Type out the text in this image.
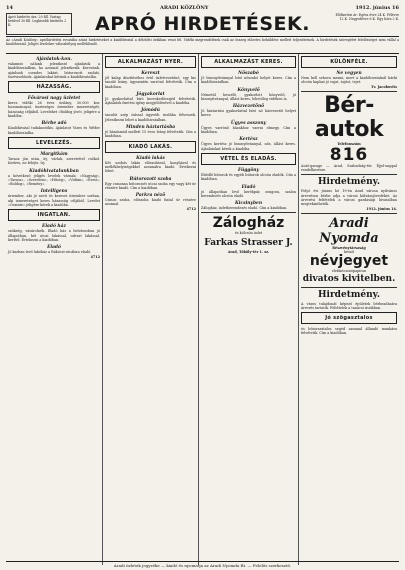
14	ARADI KÖZLÖNY	1912. június 16
Apró hirdetés ára: 20 fill. Vastag betűvel 30 fill. Legkisebb hirdetés 2 K.	APRÓ HIRDETÉSEK.	Előfizetési ár: Egész évre 24 K. Félévre 12 K. Negyedévre 6 K. Egy hóra 2 K.
Az »Aradi Közlöny« apróhirdetési rovatába szánt hirdetéseket a kiadóhivatal a délelőtti órákban veszi fel. Vidéki megrendelések csak az összeg előzetes beküldése mellett teljesíttetnek. A hirdetések szövegéért felelősséget nem vállal a kiadóhivatal. Jeligés levelekre válaszbélyeg melléklendő.
Ajánlatok-kon.
valamint nálunk jelentkező ajánlatok a kiadóhivatalban, ha azonnal jelentkezik. Keresünk, ajánlunk csendes lakást, bútorozott szobát, tisztviselőnek. Ajánlatokat kérünk a kiadóhivatalba.
HÁZASSÁG.
Fővárosi nagy üzletet
keres vidéki 26 éves úrilány, 30.000 kor. hozománnyal, tiszteséges úriember ismeretségét, házasság céljából. Leveleket »Boldog jövő« jeligére a kiadóba.
Bérbe adó
Kiadóhivatal tudakozódás. Ajánlatot Vizes és Wéder kiadóhivatalba.
LEVELEZÉS.
Margitkám
Tavasz jön után, írj, várlak, szeretettel csókol. Kedves, ne felejts. Írj.
Kiadóhivatalunkban
a következő jeligés levelek várnak: »Nagyság«, »Tavasz«, »Szerelem«, »Hűség«, »Vidám«, »Erzsi«, »Boldog«, »Remény«.
Intelligens
úriember, aki jó nevű és kereset úriember sorban, aki ismeretséget keres házasság céljából. Levelet »Őszinte« jeligére kérek a kiadóba.
INGATLAN.
Eladó ház
szükség, vásárolnék. Eladó ház a belvárosban jó állapotban, két utcai lakással, udvari lakással, kerttel. Értekezni a kiadóban.
Eladó
Jó karban levő lakóház a Rákóczi-utcában eladó.
4712
ALKALMAZÁST NYER.
Kereszt
jól kalap díszítéséhez értő üzletvezetőnő, egy kis tanuló leány, úgyszintén varrónő felvétetik. Cím a kiadóban.
Jógyakorlat
Jó gyakorlattal bíró kereskedősegéd felvétetik. Ajánlatok fizetési igény megjelölésével a kiadóba.
Jómódú
tanulót szép írással ügyvédi irodába felveszek. Jelentkezni lehet a kiadóhivatalban.
Minden háztartásba
jó bánásmód mellett 15 éves leány felvétetik. Cím a kiadóban.
KIADÓ LAKÁS.
Kiadó lakás
Két szobás lakás előszobával, konyhával és mellékhelyiségekkel azonnalra kiadó. Értekezni lehet.
Bútorozott szoba
Egy csinosan bútorozott utcai szoba egy vagy két úr részére kiadó. Cím a kiadóban.
Parkra néző
Csinos szoba, előszoba kiadó fiatal úr részére azonnal.
4712
ALKALMAZÁST KERES.
Nőszabó
Jó bizonyítvánnyal bíró nőszabó helyet keres. Cím a kiadóhivatalban.
Könyvelő
Németül beszélő, gyakorlott könyvelő, jó bizonyítvánnyal, állást keres, lehetőleg vidéken is.
Házvezetőnő
Jó háztartási gyakorlattal bíró nő házvezetői helyet keres.
Ügyes asszony
Ügyes varrónő házakhoz varrni elmegy. Cím a kiadóban.
Kertész
Ügyes kertész jó bizonyítvánnyal, nős, állást keres. Ajánlatokat kérek a kiadóba.
VÉTEL ÉS ELADÁS.
Függöny
Ebédlő bútorok és egyéb bútorok olcsón eladók. Cím a kiadóban.
Eladó
jó állapotban levő kerékpár, zongora, szalon berendezés olcsón eladó.
Kicsinyben
Zálogház, üzletberendezés eladó. Cím a kiadóban.
Zálogház
és kölcsön üzlet
Farkas Strasser J.
Arad, Tököly-tér 1. sz.
KÜLÖNFÉLE.
Ne vegyen
Nem kell sehova menni, mert a kiadóhivatalnál bárki olcsón kaphat jó vajat, tojást, tejet.
Tv. Jacobovits
Bér-autok
Telefonszám
816
Autó-garage — Arad, Szabadság-tér. Éjjel-nappal rendelkezésre.
Hirdetmény.
Folyó évi június hó 19-én Arad városa nyilvános árverésen bérbe adja a városi hídvámjövedéket. Az árverési feltételek a városi gazdasági hivatalban megtekinthetők.
1912. június 14.
Aradi Nyomda
Részvénytársaság
készít
névjegyet
elefántcsontpapíron
divatos kivitelben.
Hirdetmény.
A város tulajdonát képező épületek bérbeadására árverés tartatik. Feltételek a tanácsi irodában.
Jó szögasztalos
és bútorasztalos segéd azonnal állandó munkára felvétetik. Cím a kiadóban.
Aradi üzletek jegyzéke — kiadó és nyomatja az Aradi Nyomda Rt. — Felelős szerkesztő.
